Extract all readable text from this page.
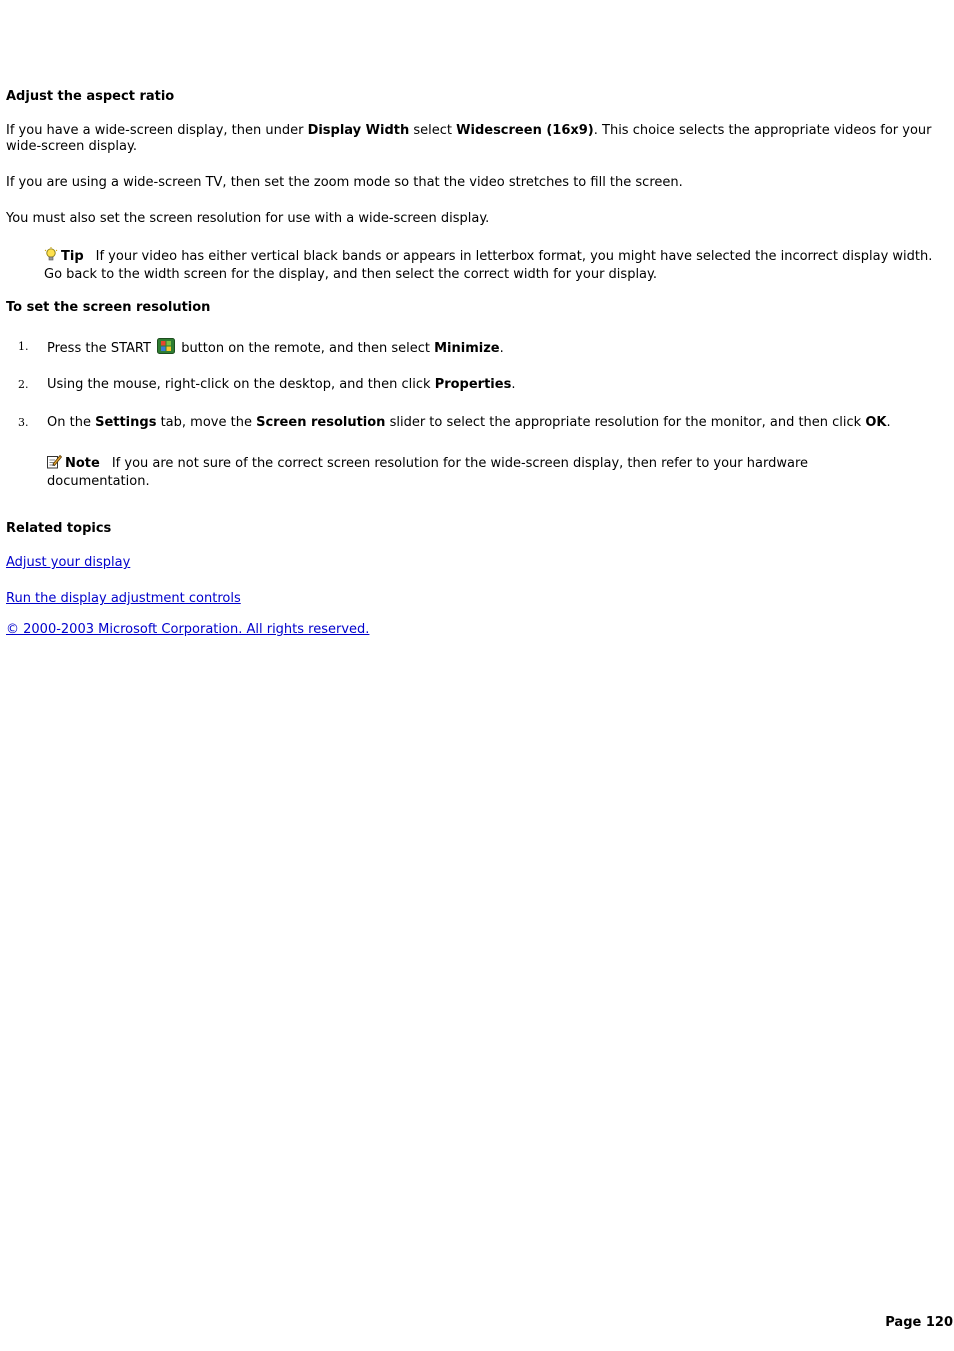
Adjust the aspect ratio
If you have a wide-screen display, then under Display Width select Widescreen (16x9). This choice selects the appropriate videos for your wide-screen display.
If you are using a wide-screen TV, then set the zoom mode so that the video stretches to fill the screen.
You must also set the screen resolution for use with a wide-screen display.
Tip If your video has either vertical black bands or appears in letterbox format, you might have selected the incorrect display width. Go back to the width screen for the display, and then select the correct width for your display.
To set the screen resolution
1. Press the START  button on the remote, and then select Minimize.
2. Using the mouse, right-click on the desktop, and then click Properties.
3. On the Settings tab, move the Screen resolution slider to select the appropriate resolution for the monitor, and then click OK.
Note If you are not sure of the correct screen resolution for the wide-screen display, then refer to your hardware documentation.
Related topics
Adjust your display
Run the display adjustment controls
© 2000-2003 Microsoft Corporation. All rights reserved.
Page 120
